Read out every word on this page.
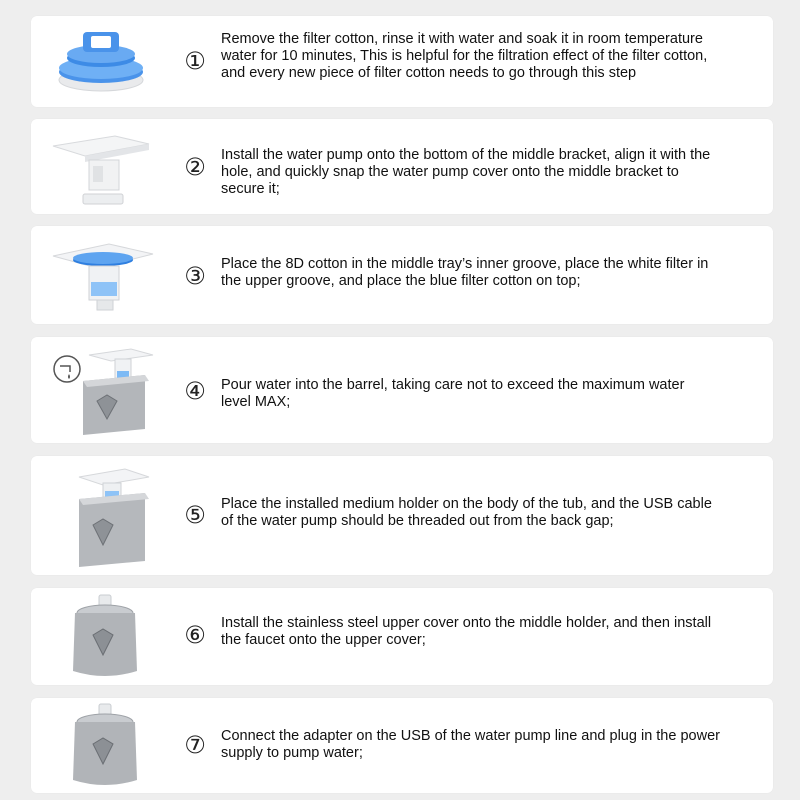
①
Remove the filter cotton, rinse it with water and soak it in room temperature
water for 10 minutes, This is helpful for the filtration effect of the filter cotton,
and every new piece of filter cotton needs to go through this step
② Install the water pump onto the bottom of the middle bracket, align it with the
hole, and quickly snap the water pump cover onto the middle bracket to
secure it;
③ Place the 8D cotton in the middle tray’s inner groove, place the white filter in
the upper groove, and place the blue filter cotton on top;
④ Pour water into the barrel, taking care not to exceed the maximum water
level MAX;
⑤ Place the installed medium holder on the body of the tub, and the USB cable
of the water pump should be threaded out from the back gap;
⑥ Install the stainless steel upper cover onto the middle holder, and then install
the faucet onto the upper cover;
⑦ Connect the adapter on the USB of the water pump line and plug in the power
supply to pump water;
